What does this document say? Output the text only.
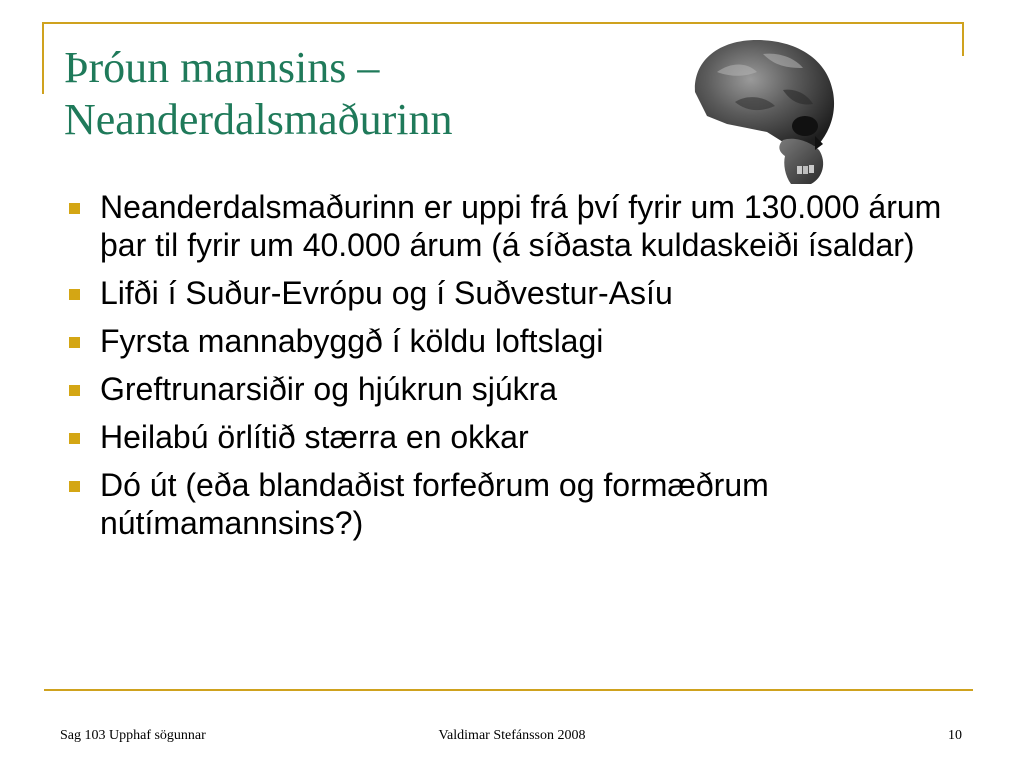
Þróun mannsins –
Neanderdalsmaðurinn
Neanderdalsmaðurinn er uppi frá því fyrir um 130.000 árum þar til fyrir um 40.000 árum (á síðasta kuldaskeiði ísaldar)
Lifði í Suður-Evrópu og í Suðvestur-Asíu
Fyrsta mannabyggð í köldu loftslagi
Greftrunarsiðir og hjúkrun sjúkra
Heilabú örlítið stærra en okkar
Dó út (eða blandaðist forfeðrum og formæðrum nútímamannsins?)
Sag 103 Upphaf sögunnar	Valdimar Stefánsson 2008	10
